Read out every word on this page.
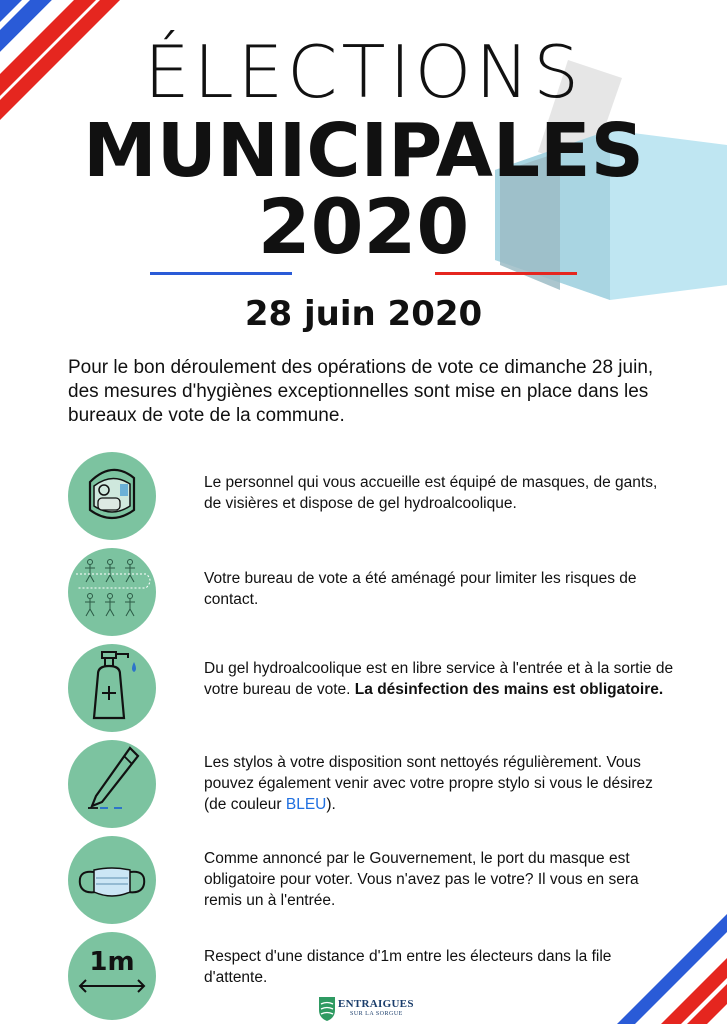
ÉLECTIONS
MUNICIPALES
2020
28 juin 2020
Pour le bon déroulement des opérations de vote ce dimanche 28 juin, des mesures d'hygiènes exceptionnelles sont mise en place dans les bureaux de vote de la commune.
Le personnel qui vous accueille est équipé de masques, de gants, de visières et dispose de gel hydroalcoolique.
Votre bureau de vote a été aménagé pour limiter les risques de contact.
Du gel hydroalcoolique est en libre service à l'entrée et à la sortie de votre bureau de vote. La désinfection des mains est obligatoire.
Les stylos à votre disposition sont nettoyés régulièrement. Vous pouvez également venir avec votre propre stylo si vous le désirez (de couleur BLEU).
Comme annoncé par le Gouvernement, le port du masque est obligatoire pour voter. Vous n'avez pas le votre? Il vous en sera remis un à l'entrée.
1m	Respect d'une distance d'1m entre les électeurs dans la file d'attente.
ENTRAIGUES
SUR LA SORGUE
